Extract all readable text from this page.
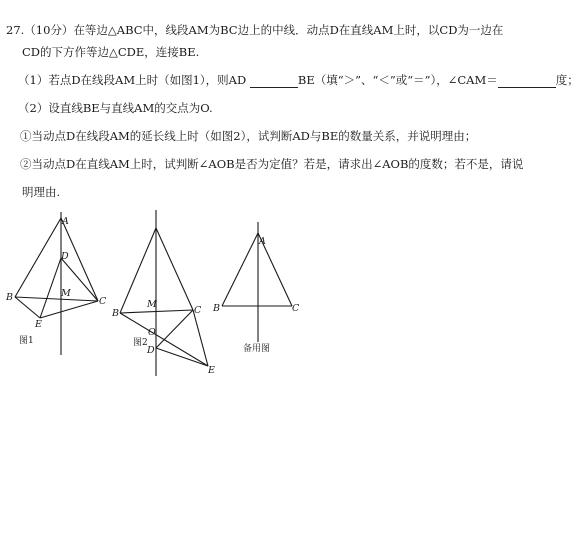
27.（10分）在等边△ABC中，线段AM为BC边上的中线．动点D在直线AM上时，以CD为一边在
CD的下方作等边△CDE，连接BE.
（1）若点D在线段AM上时（如图1），则AD	BE（填“＞”、“＜”或“＝”），∠CAM＝	度；
（2）设直线BE与直线AM的交点为O.
①当动点D在线段AM的延长线上时（如图2），试判断AD与BE的数量关系，并说明理由；
②当动点D在直线AM上时，试判断∠AOB是否为定值？若是，请求出∠AOB的度数；若不是，请说
明理由.
A
D
M
B	C
E
M
B	C
O
D
E
A
B	C
图1	图2
备用图
